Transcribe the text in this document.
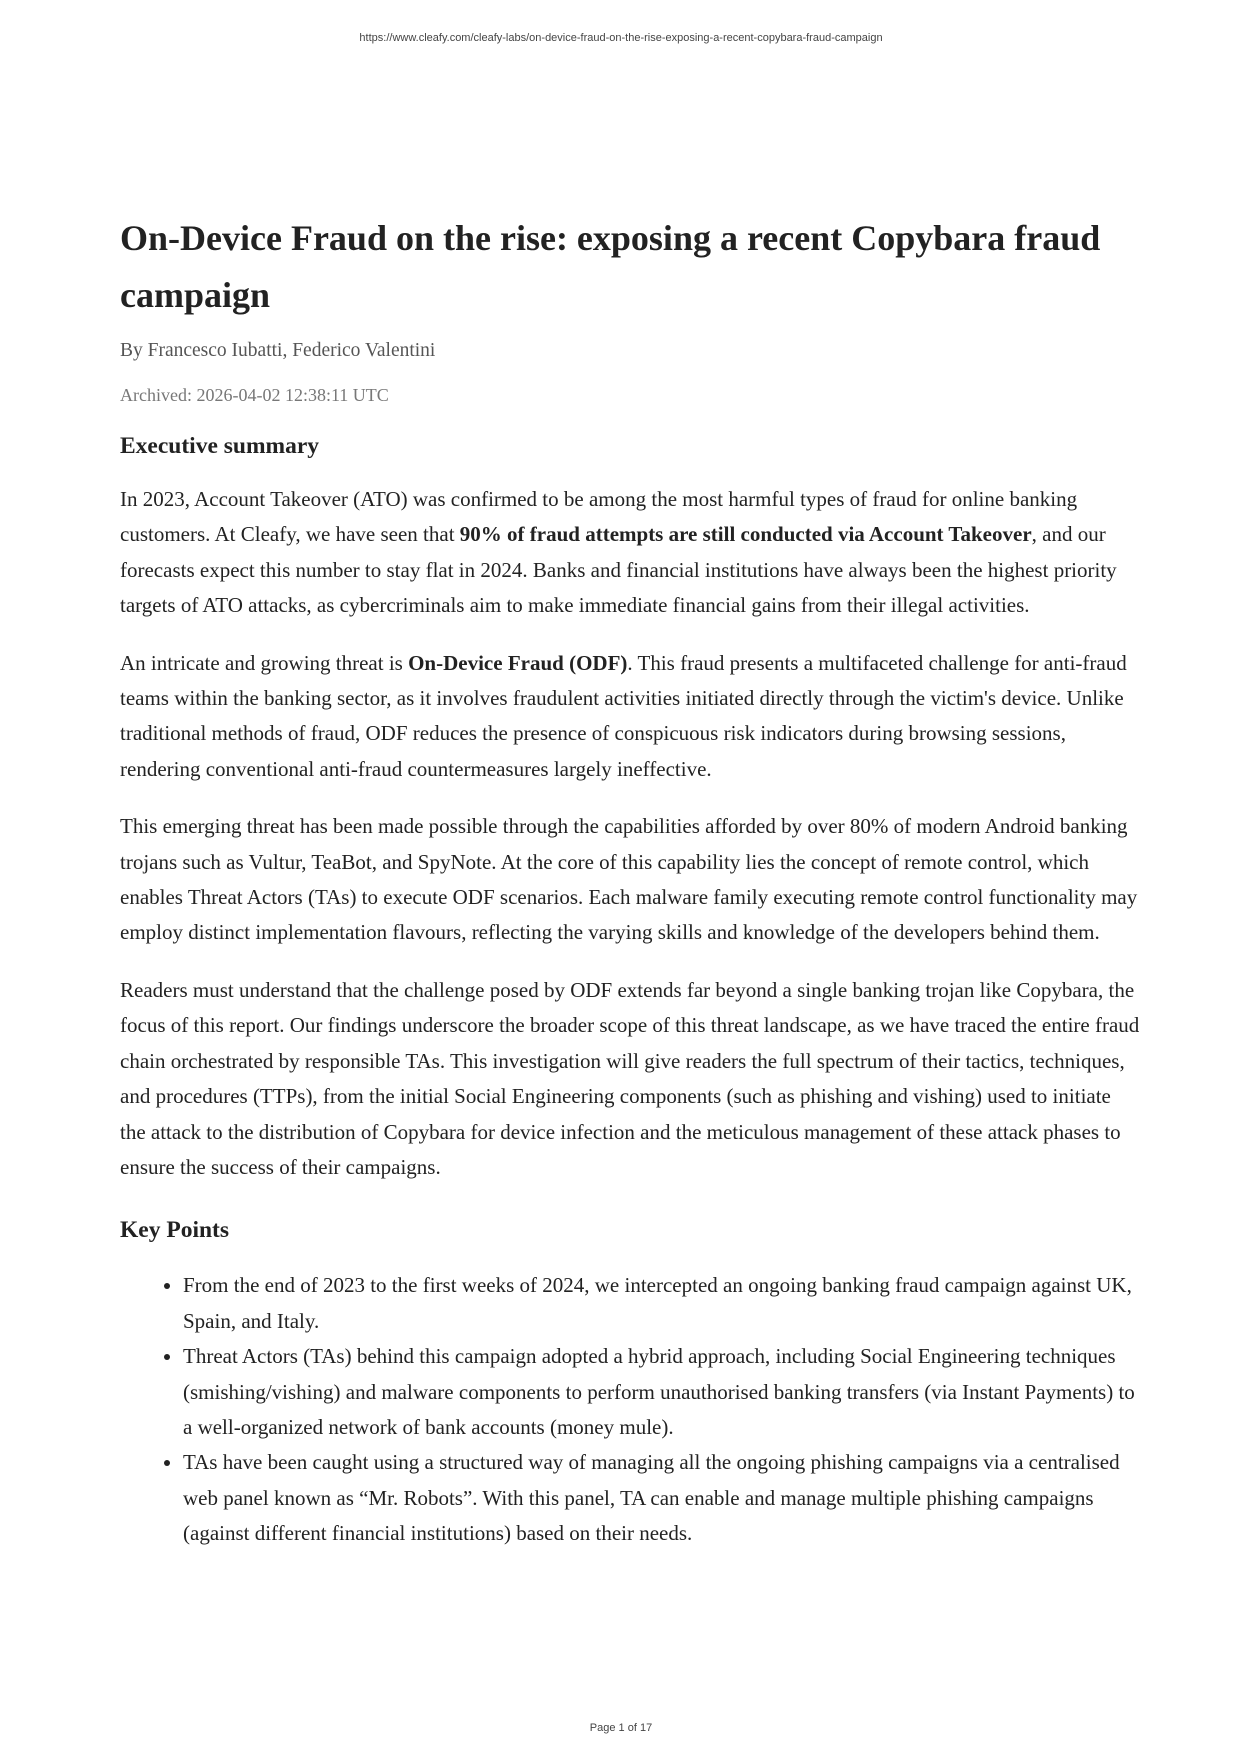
https://www.cleafy.com/cleafy-labs/on-device-fraud-on-the-rise-exposing-a-recent-copybara-fraud-campaign
On-Device Fraud on the rise: exposing a recent Copybara fraud campaign
By Francesco Iubatti, Federico Valentini
Archived: 2026-04-02 12:38:11 UTC
Executive summary

In 2023, Account Takeover (ATO) was confirmed to be among the most harmful types of fraud for online banking customers. At Cleafy, we have seen that 90% of fraud attempts are still conducted via Account Takeover, and our forecasts expect this number to stay flat in 2024. Banks and financial institutions have always been the highest priority targets of ATO attacks, as cybercriminals aim to make immediate financial gains from their illegal activities.

An intricate and growing threat is On-Device Fraud (ODF). This fraud presents a multifaceted challenge for anti-fraud teams within the banking sector, as it involves fraudulent activities initiated directly through the victim's device. Unlike traditional methods of fraud, ODF reduces the presence of conspicuous risk indicators during browsing sessions, rendering conventional anti-fraud countermeasures largely ineffective.

This emerging threat has been made possible through the capabilities afforded by over 80% of modern Android banking trojans such as Vultur, TeaBot, and SpyNote. At the core of this capability lies the concept of remote control, which enables Threat Actors (TAs) to execute ODF scenarios. Each malware family executing remote control functionality may employ distinct implementation flavours, reflecting the varying skills and knowledge of the developers behind them.

Readers must understand that the challenge posed by ODF extends far beyond a single banking trojan like Copybara, the focus of this report. Our findings underscore the broader scope of this threat landscape, as we have traced the entire fraud chain orchestrated by responsible TAs. This investigation will give readers the full spectrum of their tactics, techniques, and procedures (TTPs), from the initial Social Engineering components (such as phishing and vishing) used to initiate the attack to the distribution of Copybara for device infection and the meticulous management of these attack phases to ensure the success of their campaigns.

Key Points
• From the end of 2023 to the first weeks of 2024, we intercepted an ongoing banking fraud campaign against UK, Spain, and Italy.
• Threat Actors (TAs) behind this campaign adopted a hybrid approach, including Social Engineering techniques (smishing/vishing) and malware components to perform unauthorised banking transfers (via Instant Payments) to a well-organized network of bank accounts (money mule).
• TAs have been caught using a structured way of managing all the ongoing phishing campaigns via a centralised web panel known as “Mr. Robots”. With this panel, TA can enable and manage multiple phishing campaigns (against different financial institutions) based on their needs.
Page 1 of 17
